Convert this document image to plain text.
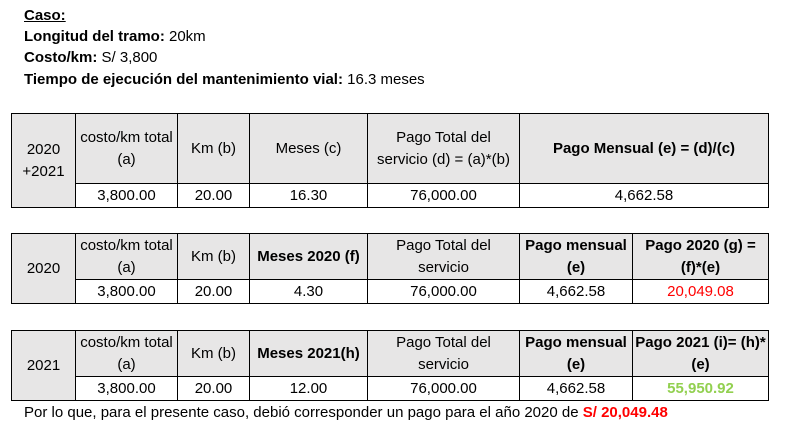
Caso:
Longitud del tramo: 20km
Costo/km: S/ 3,800
Tiempo de ejecución del mantenimiento vial: 16.3 meses
2020
+2021	costo/km total (a)	Km (b)	Meses (c)	Pago Total del servicio (d) = (a)*(b)	Pago Mensual (e) = (d)/(c)
	3,800.00	20.00	16.30	76,000.00	4,662.58
2020	costo/km total (a)	Km (b)	Meses 2020 (f)	Pago Total del servicio	Pago mensual (e)	Pago 2020 (g) = (f)*(e)
	3,800.00	20.00	4.30	76,000.00	4,662.58	20,049.08
2021	costo/km total (a)	Km (b)	Meses 2021(h)	Pago Total del servicio	Pago mensual (e)	Pago 2021 (i)= (h)*(e)
	3,800.00	20.00	12.00	76,000.00	4,662.58	55,950.92
Por lo que, para el presente caso, debió corresponder un pago para el año 2020 de S/ 20,049.48
